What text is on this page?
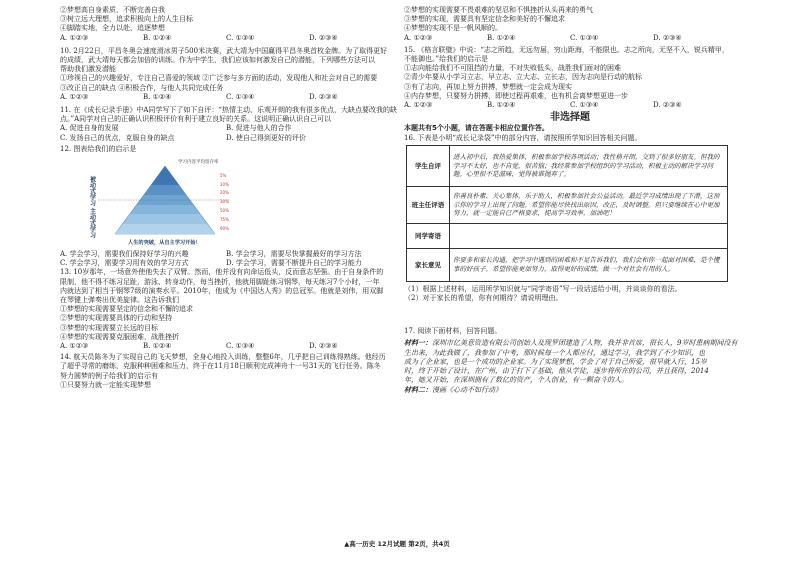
②梦想高自身素质，不断完善自我
③树立远大理想，追求积极向上的人生目标
④脚踏实地，全力以赴，追逐梦想
A. ①②③	B. ①②④	C. ①③④	D. ②③④
10. 2月22日，平昌冬奥会速度滑冰男子500米决赛，武大靖为中国赢得平昌冬奥首枚金牌。为了取得更好
的成绩，武大靖每天都会加倍的训练。作为中学生，我们应该如何激发自己的潜能，下列哪些方法可以
帮助我们激发潜能
①珍视自己的兴趣爱好，专注自己喜爱的领域 ②广泛参与多方面的活动，发现他人和社会对自己的需要
③改正自己的缺点 ④积极合作，与他人共同完成任务
A. ①②③	B. ①②④	C. ①③④	D. ②③④
11. 在《成长记录手册》中A同学写下了如下自评：“热情主动、乐观开朗的我有很多优点，大缺点要改我的缺
点。”A同学对自己的正确认识积极评价有利于建立良好的关系。这说明正确认识自己可以
A. 促进自身的发展	B. 促进与他人的合作
C. 发扬自己的优点，克服自身的缺点	D. 使自己得到更好的评价
12. 图表给我们的启示是
学习内容平均留存率
5%
10%
20%
30%
50%
75%
90%
被动式学习
主动式学习
人生的突破，从自主学习开始！
A. 学会学习，需要我们保持好学习的兴趣	B. 学会学习，需要尽快掌握最好的学习方法
C. 学会学习，需要学习用有效的学习方式	D. 学会学习，需要不断提升自己的学习能力
13. 10岁那年，一场意外使他失去了双臂。然而，他并没有向命运低头，反而意志坚强。由于自身条件的
限制，他不得不练习足趾，游泳、转身动作，每当挫折，他就用脚趾练习钢琴，每天练习7个小时，一年
内就达到了相当于钢琴7级的演奏水平。2010年，他成为《中国达人秀》的总冠军。他就是刘伟，用双脚
在琴键上弹奏出优美旋律。这告诉我们
①梦想的实现需要坚定的信念和不懈的追求
②梦想的实现需要具体的行动和坚持
③梦想的实现需要立长远的目标
④梦想的实现需要克服困难，战胜挫折
A. ①②③	B. ①②④	C. ①③④	D. ②③④
14. 航天员陈冬为了实现自己的飞天梦想，全身心地投入训练，整整6年，几乎把自己训练得熟练。他经历
了超乎寻常的磨练，克服种种困难和压力，终于在11月18日顺利完成神舟十一号31天的飞行任务。陈冬
努力圆梦的例子给我们的启示有
①只要努力就一定能实现梦想
②梦想的实现需要不畏艰难的坚忍和不惧挫折从头再来的勇气
③梦想的实现，需要具有坚定信念和美好的不懈追求
④梦想的实现不是一帆风顺的。
A. ①②③	B. ①②④	C. ①③④	D. ②③④
15. 《格言联璧》中说：“志之所趋，无远勿届，穷山距海，不能限也。志之所向，无坚不入，锐兵精甲，
不能御也。”给我们的启示是
①志向能给我们不可阻挡的力量，不对失败低头，战胜我们面对的困难
②青少年要从小学习立志，早立志、立大志、立长志，因为志向是行动的航标
③有了志向，再加上努力拼搏，梦想就一定会成为现实
④内存梦想，只要努力拼搏，即使过程再艰难，也有机会离梦想更进一步
A. ①②③	B. ①②④	C. ①③④	D. ②③④
非选择题
本题共有5个小题，请在答题卡相应位置作答。
16. 下表是小明“成长记录袋”中的部分内容，请按照所学知识回答相关问题。
学生自评	进入初中后，我热爱集体，积极参加学校各项活动；我性格开朗，交到了很多好朋友。但我的学习不太好，也不自觉，很苦恼；我经常参加学校组织的学习活动，积极主动的解决学习问题。心里很不是滋味，觉得被谁抛弃了。
班主任评语	你善良朴素、关心集体，乐于助人，积极参加社会公益活动。最近学习成绩出现了下滑，这预示你的学习上出现了问题。希望你能尽快找出原因，改正，及时调整。但只要继续在心中更加努力，就一定能自已严格要求，提高学习效率，加油吧！
同学寄语	
家长意见	你要多和家长沟通，把学习中遇到的困难和不足告诉我们，我们会和你一起面对困难，是个懂事的好孩子。希望你能更加努力，取得更好的成绩，做一个对社会有用的人。
（1）根据上述材料，运用所学知识就与“同学寄语”写一段话送给小明，并谈谈你的看法。
（2）对于家长的希望，你有何期待？请说明理由。
17. 阅读下面材料，回答问题。
材料一：深圳市亿美意资造有限公司创始人及现罗团建造了人物，我并非首席，很长人，9岁时患病期间没有
生出来，为此我做了，我参加了中考，那时候每一个人都应付，通过学习，我学到了不少知识，也
成为了企业家，也是一个成功的企业家。为了实现梦想，学会了对于自己所爱，很早就入行，15岁
时，终于开始了设计，在广州，由于打下了基础，他从学徒，逐步将所在的公司，并且获得，2014
年，她又开始，在深圳拥有了数亿的资产，个人创业，有一颗奋斗的人。
材料二：漫画《心动不如行动》
▲高一历史 12月试题 第2页，共4页
